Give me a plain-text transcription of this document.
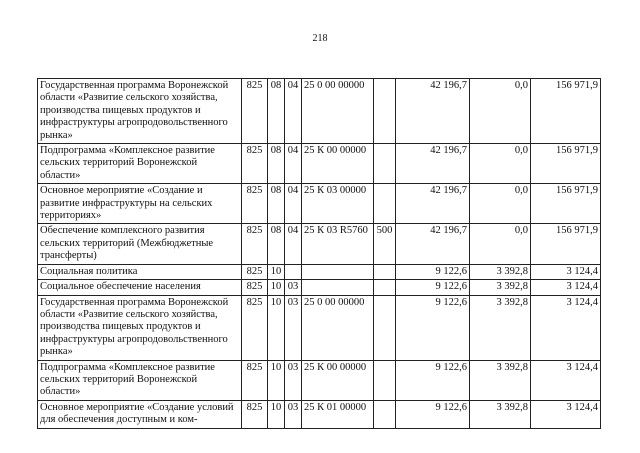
218
Государственная программа Воронежской области «Развитие сельского хозяйства, производства пищевых продуктов и инфраструктуры агропродовольственного рынка»	825	08	04	25 0 00 00000		42 196,7	0,0	156 971,9
Подпрограмма «Комплексное развитие сельских территорий Воронежской области»	825	08	04	25 К 00 00000		42 196,7	0,0	156 971,9
Основное мероприятие «Создание и развитие инфраструктуры на сельских территориях»	825	08	04	25 К 03 00000		42 196,7	0,0	156 971,9
Обеспечение комплексного развития сельских территорий (Межбюджетные трансферты)	825	08	04	25 К 03 R5760	500	42 196,7	0,0	156 971,9
Социальная политика	825	10				9 122,6	3 392,8	3 124,4
Социальное обеспечение населения	825	10	03			9 122,6	3 392,8	3 124,4
Государственная программа Воронежской области «Развитие сельского хозяйства, производства пищевых продуктов и инфраструктуры агропродовольственного рынка»	825	10	03	25 0 00 00000		9 122,6	3 392,8	3 124,4
Подпрограмма «Комплексное развитие сельских территорий Воронежской области»	825	10	03	25 К 00 00000		9 122,6	3 392,8	3 124,4
Основное мероприятие «Создание условий для обеспечения доступным и ком-	825	10	03	25 К 01 00000		9 122,6	3 392,8	3 124,4
